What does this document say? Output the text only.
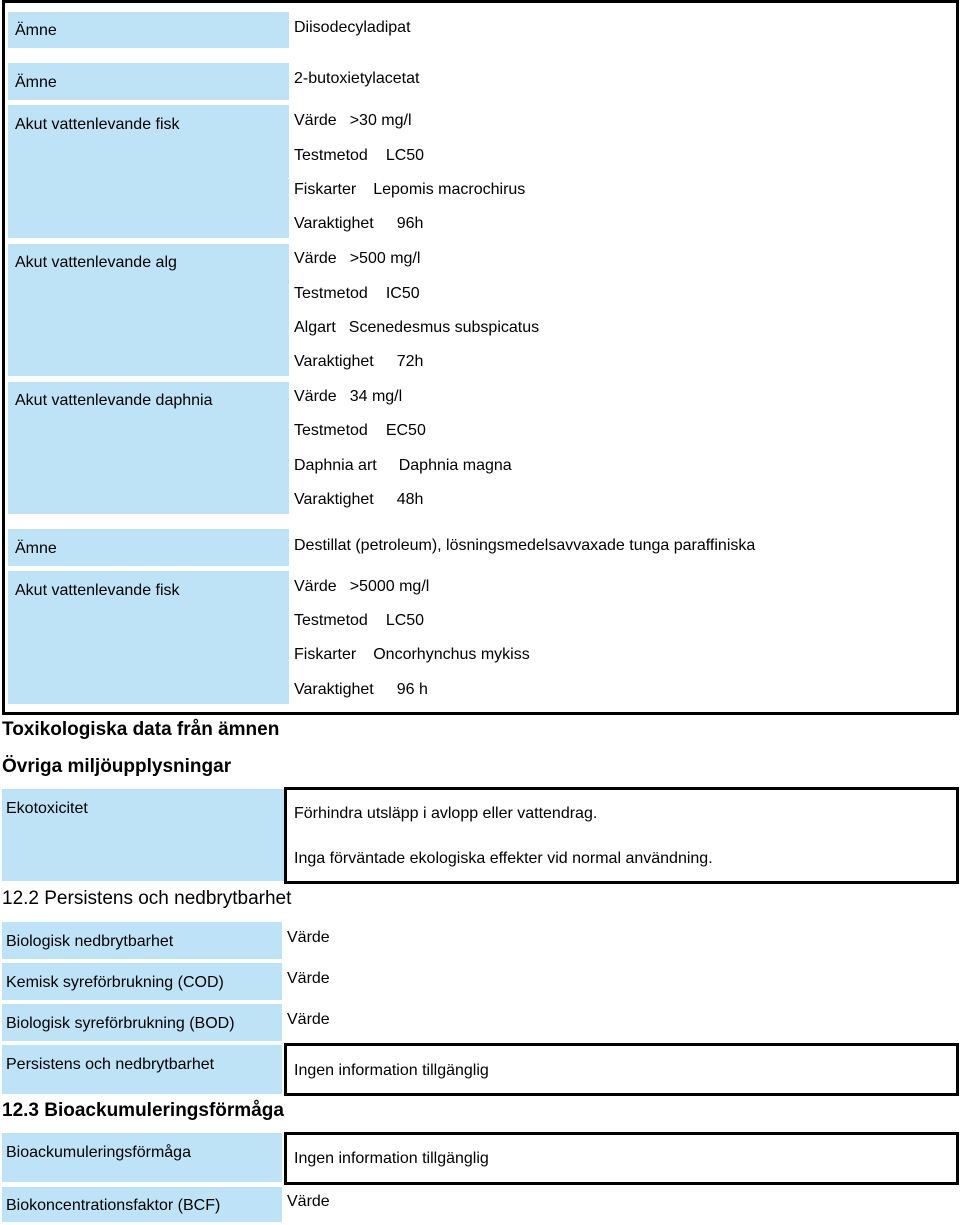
Ämne	Diisodecyladipat
Ämne	2-butoxietylacetat
Akut vattenlevande fisk	Värde >30 mg/l
Testmetod LC50
Fiskarter Lepomis macrochirus
Varaktighet 96h
Akut vattenlevande alg	Värde >500 mg/l
Testmetod IC50
Algart Scenedesmus subspicatus
Varaktighet 72h
Akut vattenlevande daphnia	Värde 34 mg/l
Testmetod EC50
Daphnia art Daphnia magna
Varaktighet 48h
Ämne	Destillat (petroleum), lösningsmedelsavvaxade tunga paraffiniska
Akut vattenlevande fisk	Värde >5000 mg/l
Testmetod LC50
Fiskarter Oncorhynchus mykiss
Varaktighet 96 h
Toxikologiska data från ämnen
Övriga miljöupplysningar
Ekotoxicitet	Förhindra utsläpp i avlopp eller vattendrag.
Inga förväntade ekologiska effekter vid normal användning.
12.2 Persistens och nedbrytbarhet
Biologisk nedbrytbarhet	Värde
Kemisk syreförbrukning (COD)	Värde
Biologisk syreförbrukning (BOD)	Värde
Persistens och nedbrytbarhet	Ingen information tillgänglig
12.3 Bioackumuleringsförmåga
Bioackumuleringsförmåga	Ingen information tillgänglig
Biokoncentrationsfaktor (BCF)	Värde
